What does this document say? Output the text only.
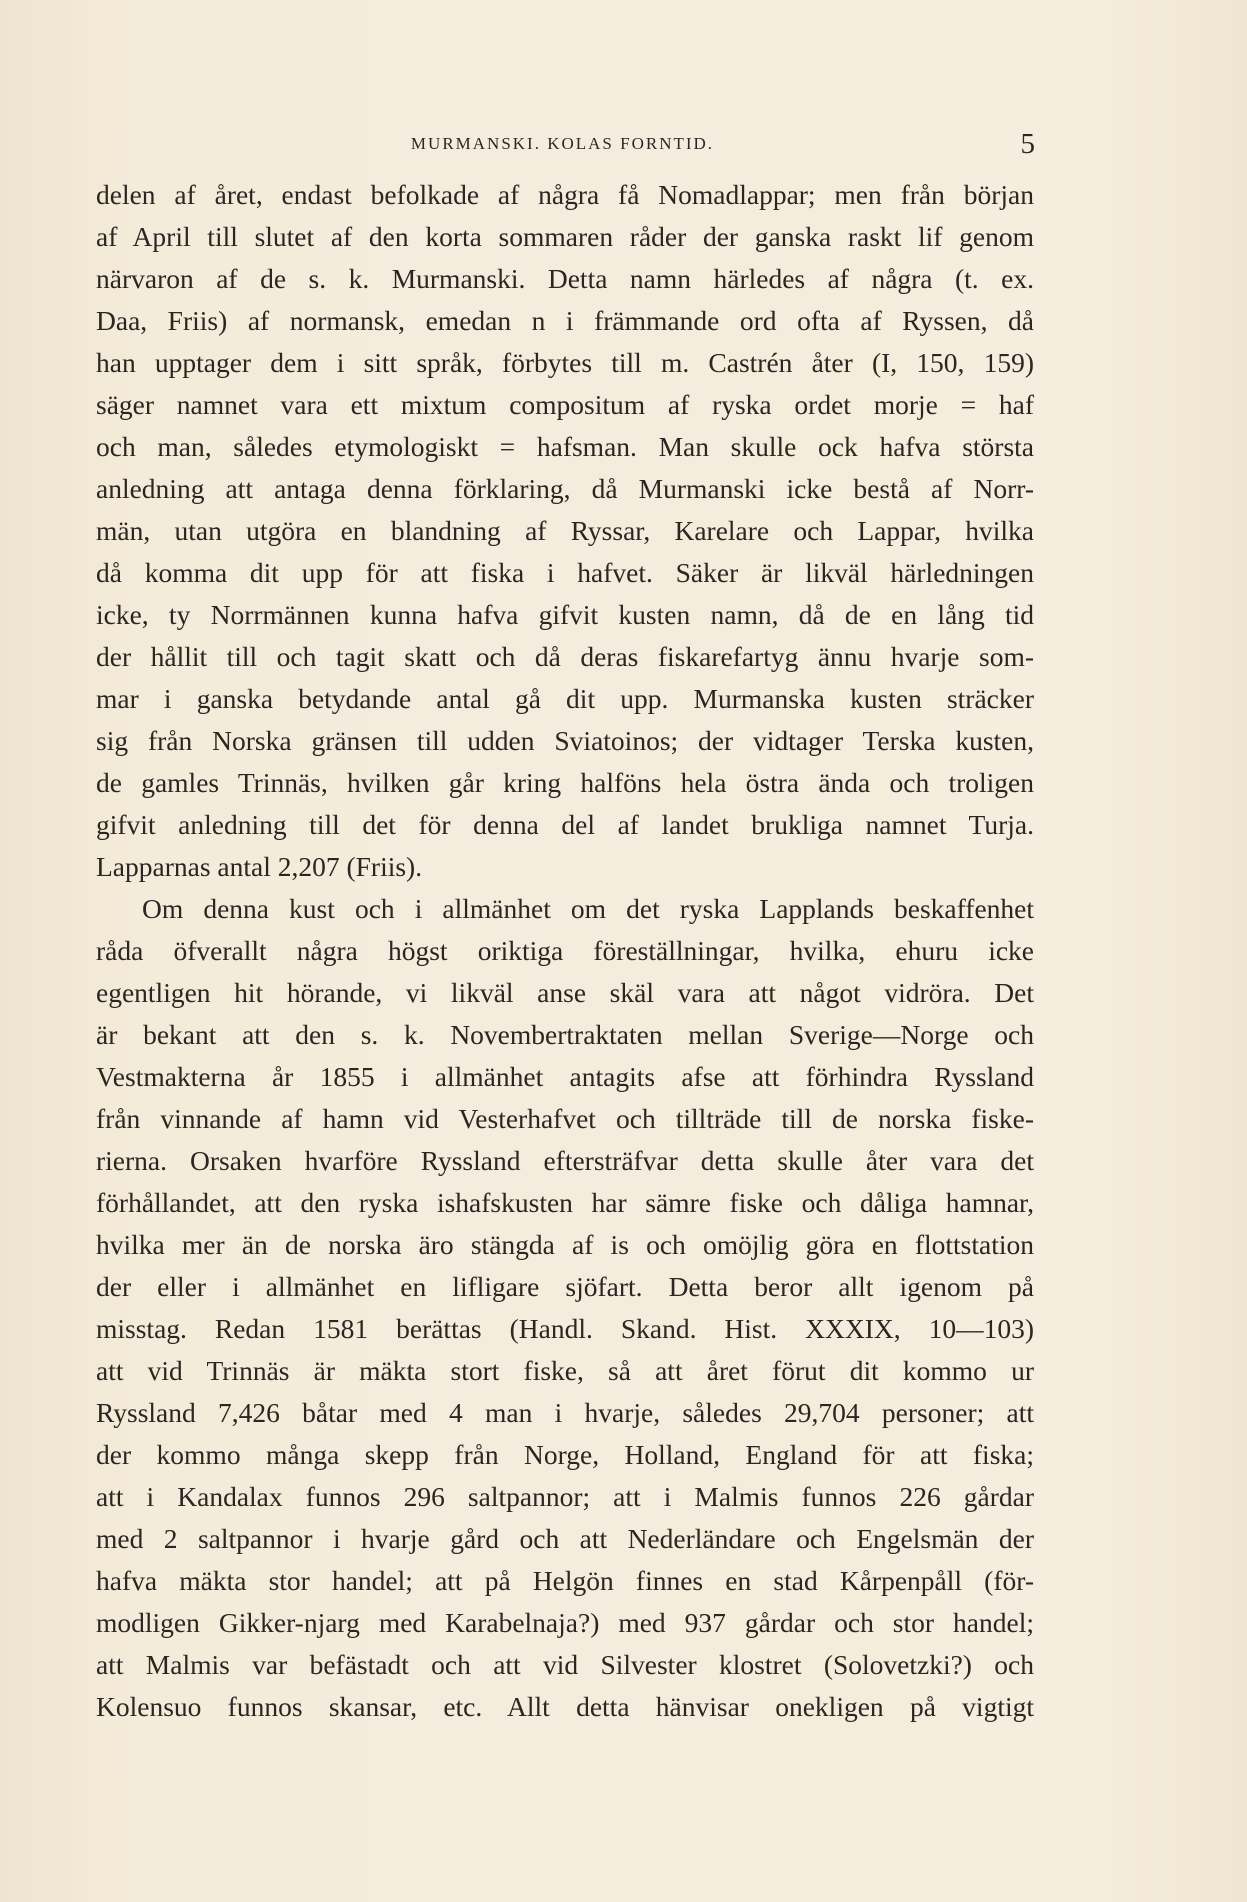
MURMANSKI. KOLAS FORNTID.	5
delen af året, endast befolkade af några få Nomadlappar; men från början
af April till slutet af den korta sommaren råder der ganska raskt lif genom
närvaron af de s. k. Murmanski. Detta namn härledes af några (t. ex.
Daa, Friis) af normansk, emedan n i främmande ord ofta af Ryssen, då
han upptager dem i sitt språk, förbytes till m. Castrén åter (I, 150, 159)
säger namnet vara ett mixtum compositum af ryska ordet morje = haf
och man, således etymologiskt = hafsman. Man skulle ock hafva största
anledning att antaga denna förklaring, då Murmanski icke bestå af Norr-
män, utan utgöra en blandning af Ryssar, Karelare och Lappar, hvilka
då komma dit upp för att fiska i hafvet. Säker är likväl härledningen
icke, ty Norrmännen kunna hafva gifvit kusten namn, då de en lång tid
der hållit till och tagit skatt och då deras fiskarefartyg ännu hvarje som-
mar i ganska betydande antal gå dit upp. Murmanska kusten sträcker
sig från Norska gränsen till udden Sviatoinos; der vidtager Terska kusten,
de gamles Trinnäs, hvilken går kring halföns hela östra ända och troligen
gifvit anledning till det för denna del af landet brukliga namnet Turja.
Lapparnas antal 2,207 (Friis).
Om denna kust och i allmänhet om det ryska Lapplands beskaffenhet
råda öfverallt några högst oriktiga föreställningar, hvilka, ehuru icke
egentligen hit hörande, vi likväl anse skäl vara att något vidröra. Det
är bekant att den s. k. Novembertraktaten mellan Sverige—Norge och
Vestmakterna år 1855 i allmänhet antagits afse att förhindra Ryssland
från vinnande af hamn vid Vesterhafvet och tillträde till de norska fiske-
rierna. Orsaken hvarföre Ryssland eftersträfvar detta skulle åter vara det
förhållandet, att den ryska ishafskusten har sämre fiske och dåliga hamnar,
hvilka mer än de norska äro stängda af is och omöjlig göra en flottstation
der eller i allmänhet en lifligare sjöfart. Detta beror allt igenom på
misstag. Redan 1581 berättas (Handl. Skand. Hist. XXXIX, 10—103)
att vid Trinnäs är mäkta stort fiske, så att året förut dit kommo ur
Ryssland 7,426 båtar med 4 man i hvarje, således 29,704 personer; att
der kommo många skepp från Norge, Holland, England för att fiska;
att i Kandalax funnos 296 saltpannor; att i Malmis funnos 226 gårdar
med 2 saltpannor i hvarje gård och att Nederländare och Engelsmän der
hafva mäkta stor handel; att på Helgön finnes en stad Kårpenpåll (för-
modligen Gikker-njarg med Karabelnaja?) med 937 gårdar och stor handel;
att Malmis var befästadt och att vid Silvester klostret (Solovetzki?) och
Kolensuo funnos skansar, etc. Allt detta hänvisar onekligen på vigtigt
